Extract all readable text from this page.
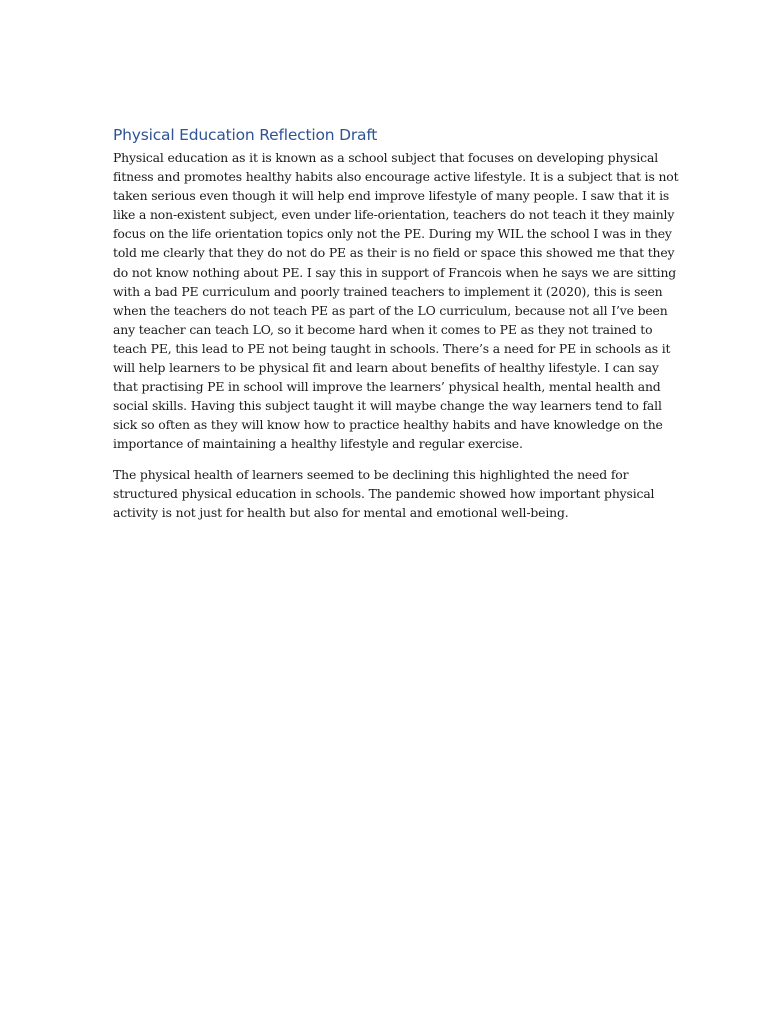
Physical Education Reflection Draft

Physical education as it is known as a school subject that focuses on developing physical
fitness and promotes healthy habits also encourage active lifestyle. It is a subject that is not
taken serious even though it will help end improve lifestyle of many people. I saw that it is
like a non-existent subject, even under life-orientation, teachers do not teach it they mainly
focus on the life orientation topics only not the PE. During my WIL the school I was in they
told me clearly that they do not do PE as their is no field or space this showed me that they
do not know nothing about PE. I say this in support of Francois when he says we are sitting
with a bad PE curriculum and poorly trained teachers to implement it (2020), this is seen
when the teachers do not teach PE as part of the LO curriculum, because not all I’ve been
any teacher can teach LO, so it become hard when it comes to PE as they not trained to
teach PE, this lead to PE not being taught in schools. There’s a need for PE in schools as it
will help learners to be physical fit and learn about benefits of healthy lifestyle. I can say
that practising PE in school will improve the learners’ physical health, mental health and
social skills. Having this subject taught it will maybe change the way learners tend to fall
sick so often as they will know how to practice healthy habits and have knowledge on the
importance of maintaining a healthy lifestyle and regular exercise.

The physical health of learners seemed to be declining this highlighted the need for
structured physical education in schools. The pandemic showed how important physical
activity is not just for health but also for mental and emotional well-being.
